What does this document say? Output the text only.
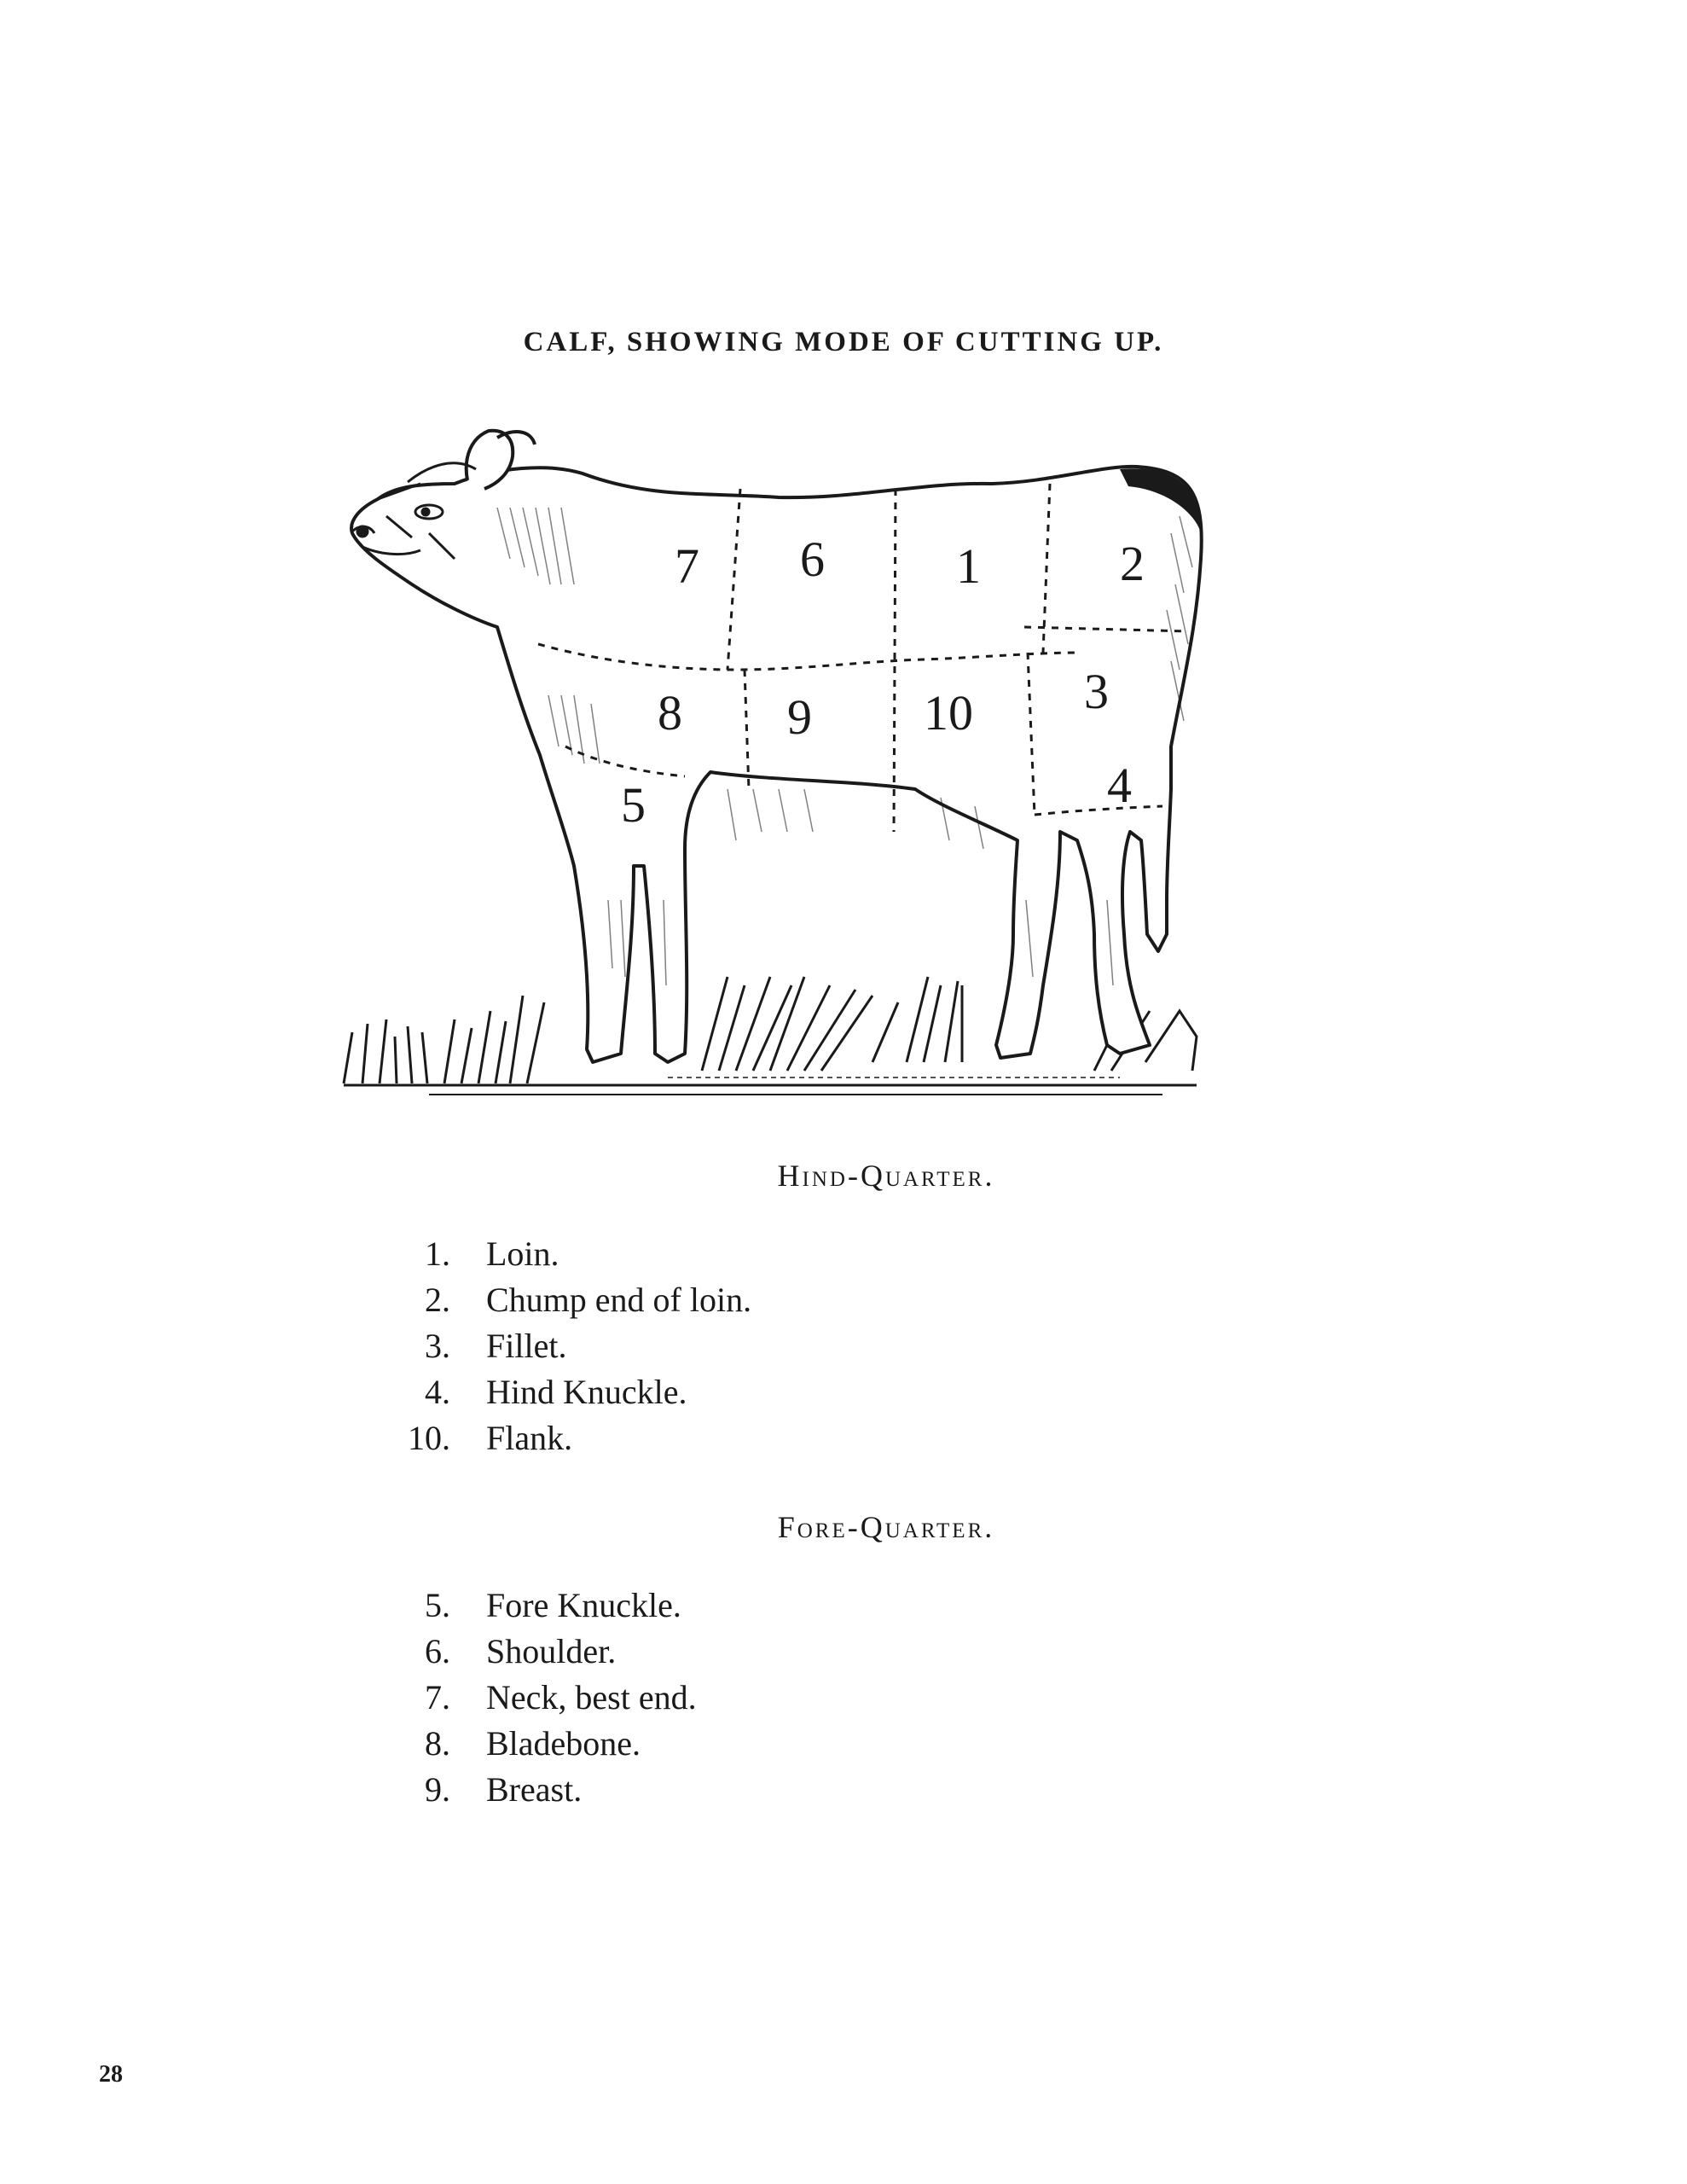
CALF, SHOWING MODE OF CUTTING UP.
7 6	1	2
8 9 10 3
5	4
Hind-Quarter.
1. Loin.
2. Chump end of loin.
3. Fillet.
4. Hind Knuckle.
10. Flank.
Fore-Quarter.
5. Fore Knuckle.
6. Shoulder.
7. Neck, best end.
8. Bladebone.
9. Breast.
28
